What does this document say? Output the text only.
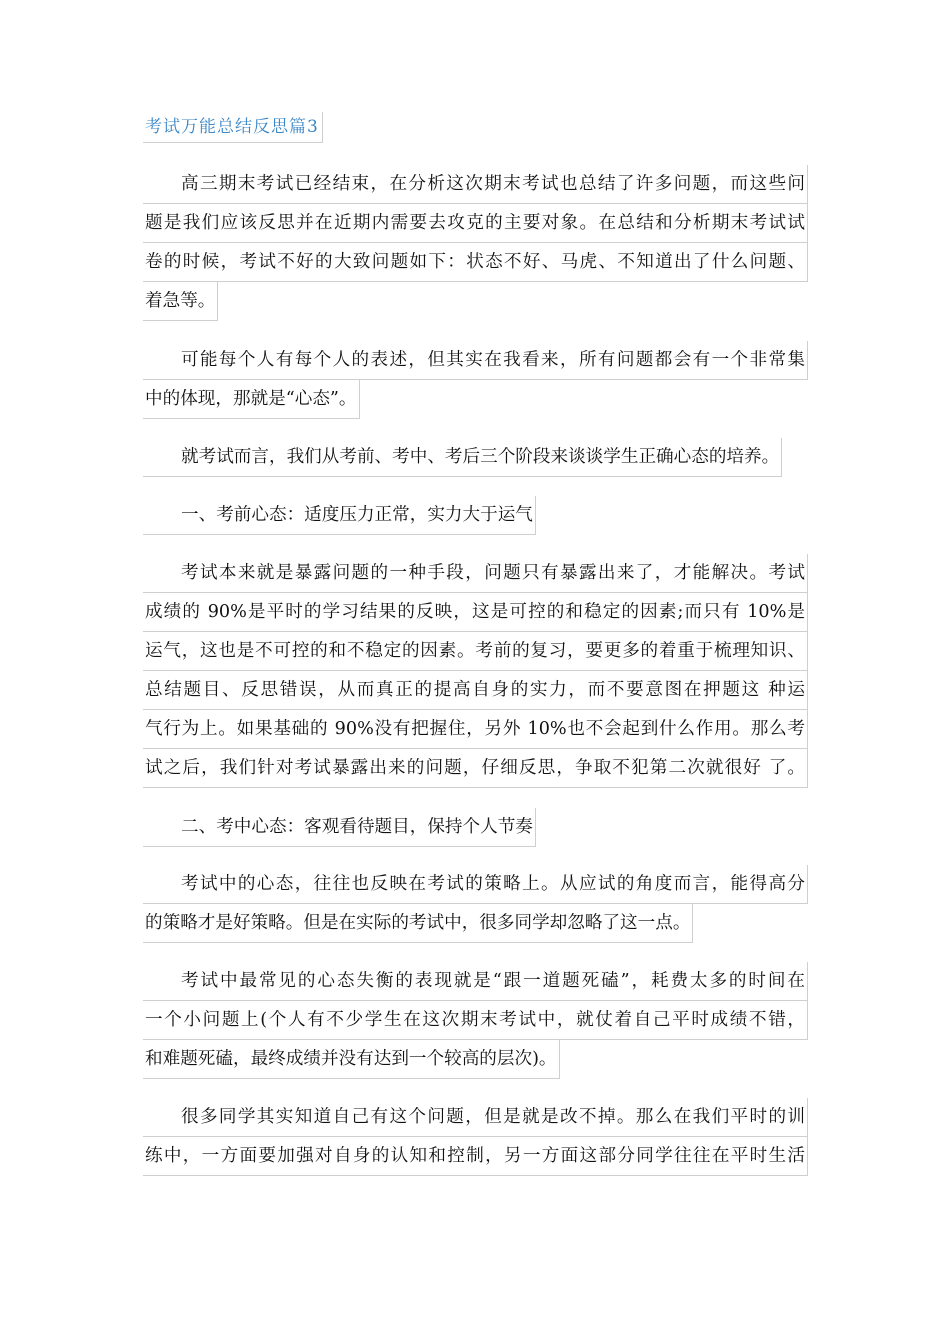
考试万能总结反思篇3
高三期末考试已经结束，在分析这次期末考试也总结了许多问题，而这些问
题是我们应该反思并在近期内需要去攻克的主要对象。在总结和分析期末考试试
卷的时候，考试不好的大致问题如下：状态不好、马虎、不知道出了什么问题、
着急等。
可能每个人有每个人的表述，但其实在我看来，所有问题都会有一个非常集
中的体现，那就是“心态”。
就考试而言，我们从考前、考中、考后三个阶段来谈谈学生正确心态的培养。
一、考前心态：适度压力正常，实力大于运气
考试本来就是暴露问题的一种手段，问题只有暴露出来了，才能解决。考试
成绩的 90%是平时的学习结果的反映，这是可控的和稳定的因素;而只有 10%是
运气，这也是不可控的和不稳定的因素。考前的复习，要更多的着重于梳理知识、
总结题目、反思错误，从而真正的提高自身的实力，而不要意图在押题这 种运
气行为上。如果基础的 90%没有把握住，另外 10%也不会起到什么作用。那么考
试之后，我们针对考试暴露出来的问题，仔细反思，争取不犯第二次就很好 了。
二、考中心态：客观看待题目，保持个人节奏
考试中的心态，往往也反映在考试的策略上。从应试的角度而言，能得高分
的策略才是好策略。但是在实际的考试中，很多同学却忽略了这一点。
考试中最常见的心态失衡的表现就是“跟一道题死磕”，耗费太多的时间在
一个小问题上(个人有不少学生在这次期末考试中，就仗着自己平时成绩不错，
和难题死磕，最终成绩并没有达到一个较高的层次)。
很多同学其实知道自己有这个问题，但是就是改不掉。那么在我们平时的训
练中，一方面要加强对自身的认知和控制，另一方面这部分同学往往在平时生活
